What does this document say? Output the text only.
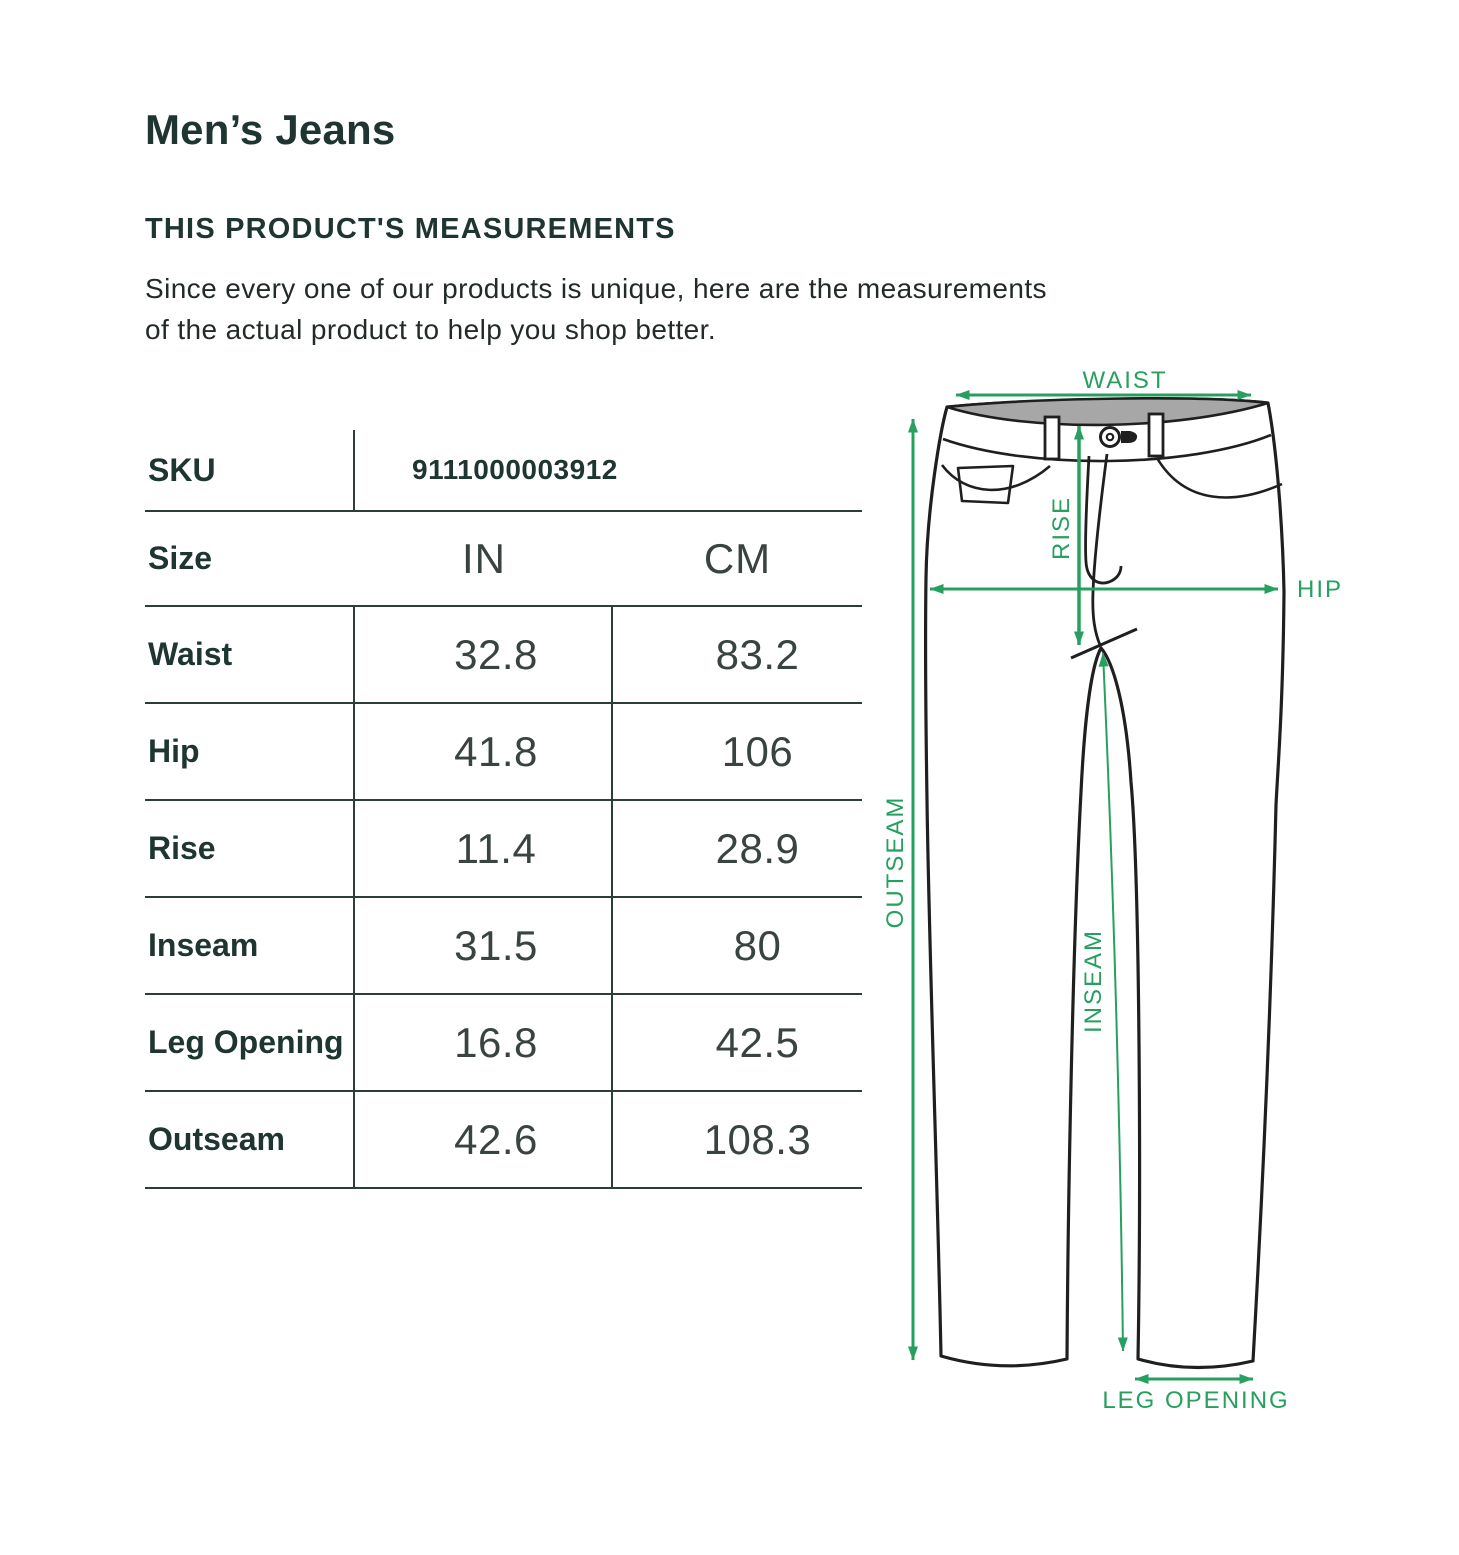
Men’s Jeans
THIS PRODUCT'S MEASUREMENTS
Since every one of our products is unique, here are the measurements
of the actual product to help you shop better.
SKU	9111000003912
Size	IN	CM
Waist	32.8	83.2
Hip	41.8	106
Rise	11.4	28.9
Inseam	31.5	80
Leg Opening	16.8	42.5
Outseam	42.6	108.3
WAIST
RISE
HIP
OUTSEAM
INSEAM
LEG OPENING
